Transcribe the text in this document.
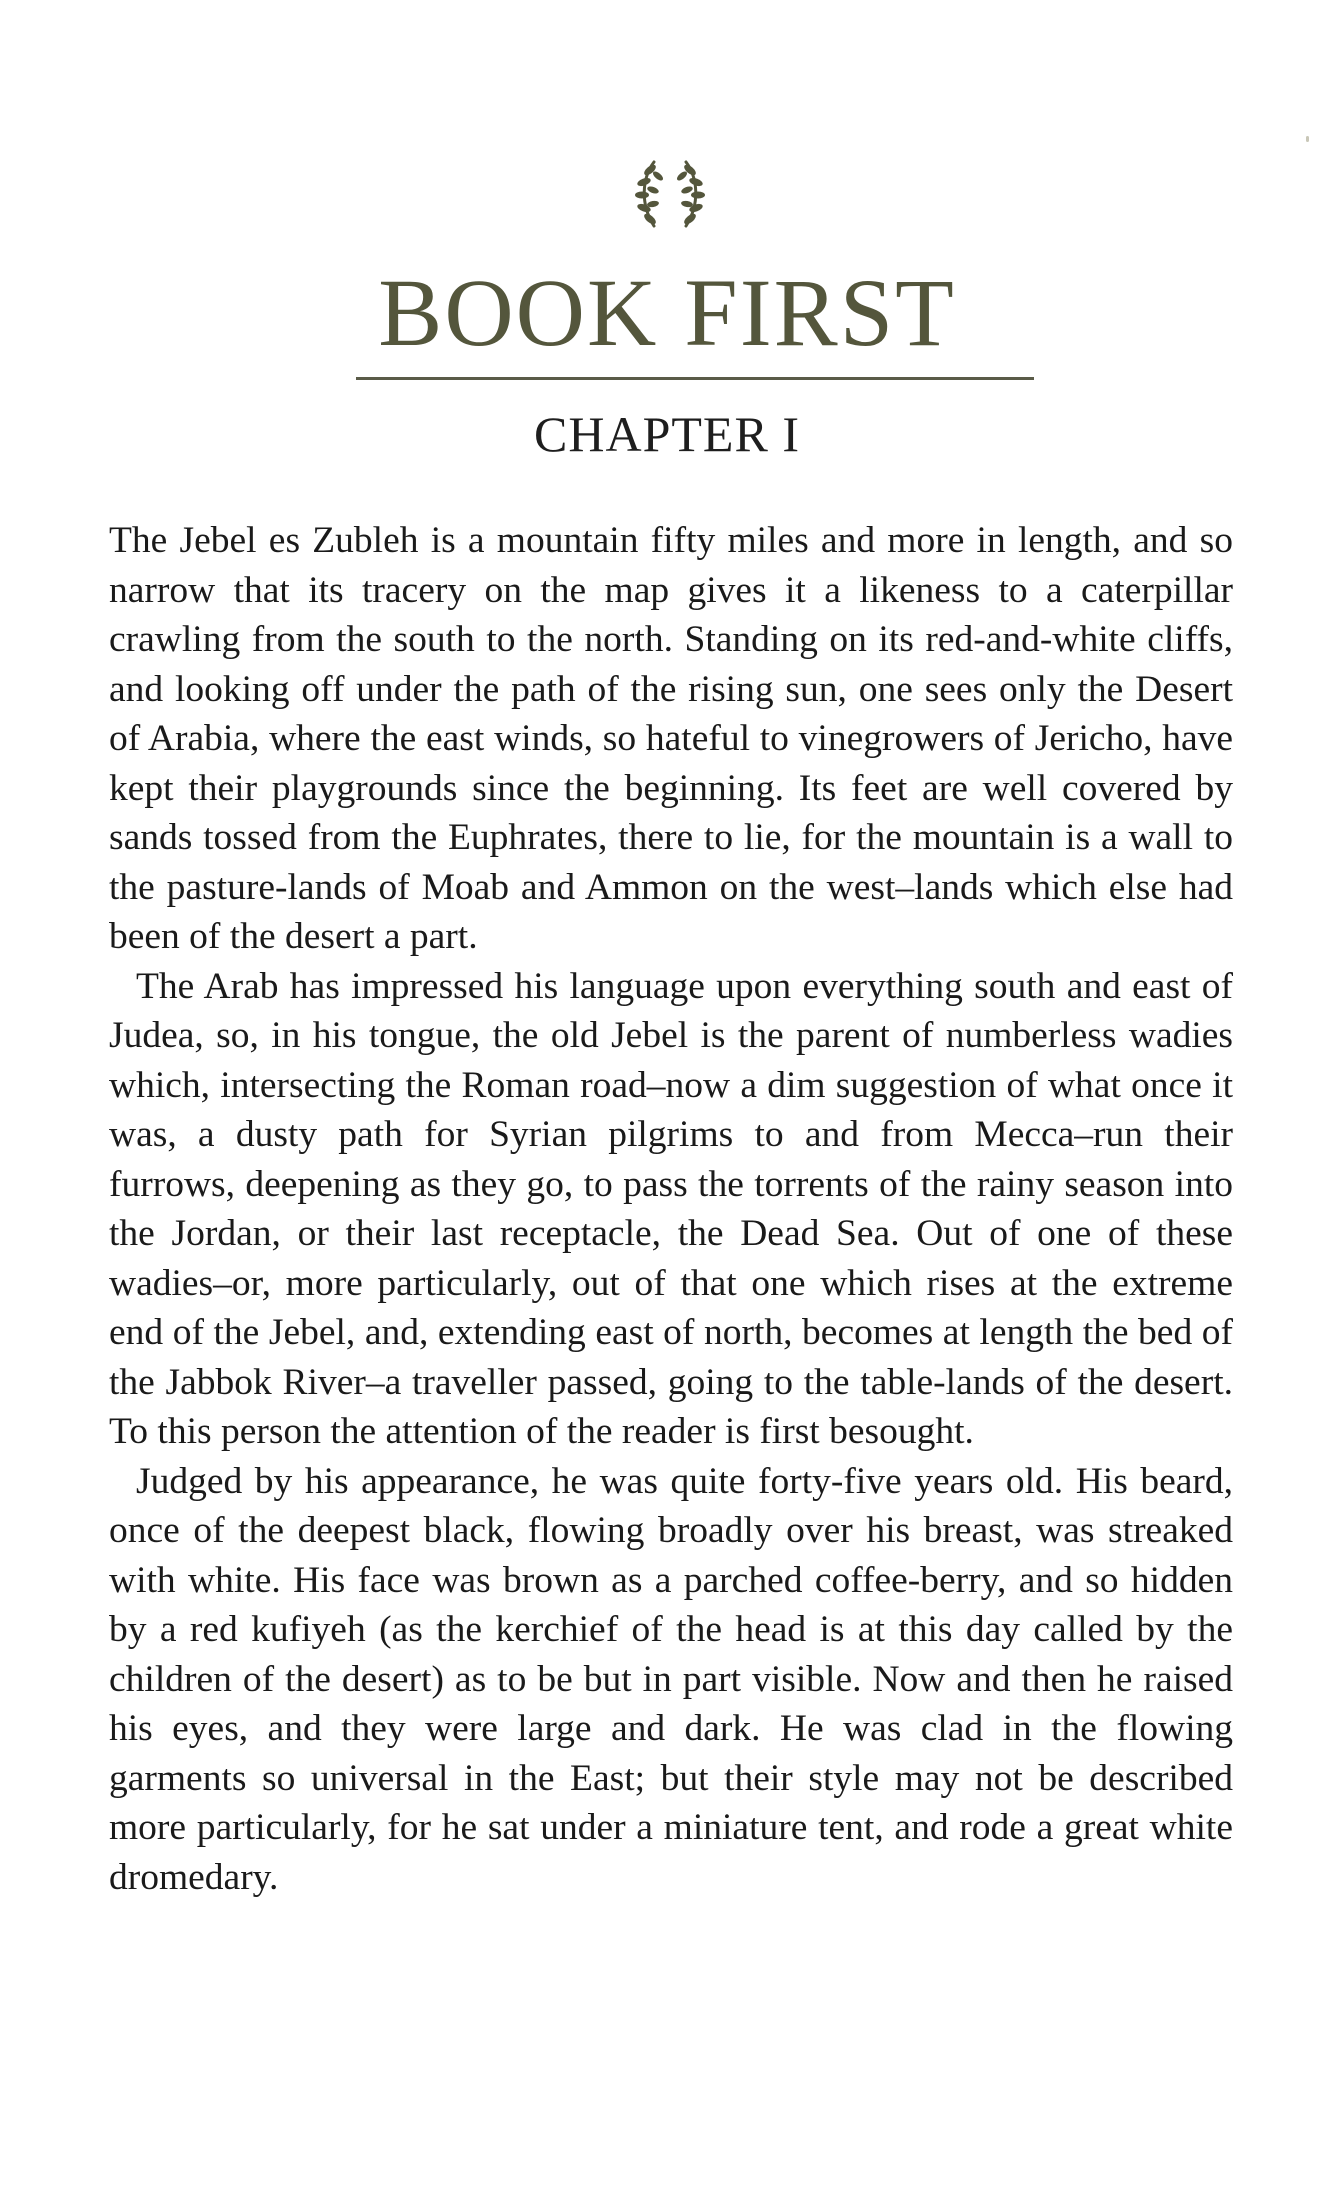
BOOK FIRST
CHAPTER I

The Jebel es Zubleh is a mountain fifty miles and more in length, and so narrow that its tracery on the map gives it a likeness to a caterpillar crawling from the south to the north. Standing on its red-and-white cliffs, and looking off under the path of the rising sun, one sees only the Desert of Arabia, where the east winds, so hateful to vinegrowers of Jericho, have kept their playgrounds since the beginning. Its feet are well covered by sands tossed from the Euphrates, there to lie, for the mountain is a wall to the pasture-lands of Moab and Ammon on the west–lands which else had been of the desert a part.

The Arab has impressed his language upon everything south and east of Judea, so, in his tongue, the old Jebel is the parent of numberless wadies which, intersecting the Roman road–now a dim suggestion of what once it was, a dusty path for Syrian pilgrims to and from Mecca–run their furrows, deepening as they go, to pass the torrents of the rainy season into the Jordan, or their last receptacle, the Dead Sea. Out of one of these wadies–or, more particularly, out of that one which rises at the extreme end of the Jebel, and, extending east of north, becomes at length the bed of the Jabbok River–a traveller passed, going to the table-lands of the desert. To this person the attention of the reader is first besought.

Judged by his appearance, he was quite forty-five years old. His beard, once of the deepest black, flowing broadly over his breast, was streaked with white. His face was brown as a parched coffee-berry, and so hidden by a red kufiyeh (as the kerchief of the head is at this day called by the children of the desert) as to be but in part visible. Now and then he raised his eyes, and they were large and dark. He was clad in the flowing garments so universal in the East; but their style may not be described more particularly, for he sat under a miniature tent, and rode a great white dromedary.
